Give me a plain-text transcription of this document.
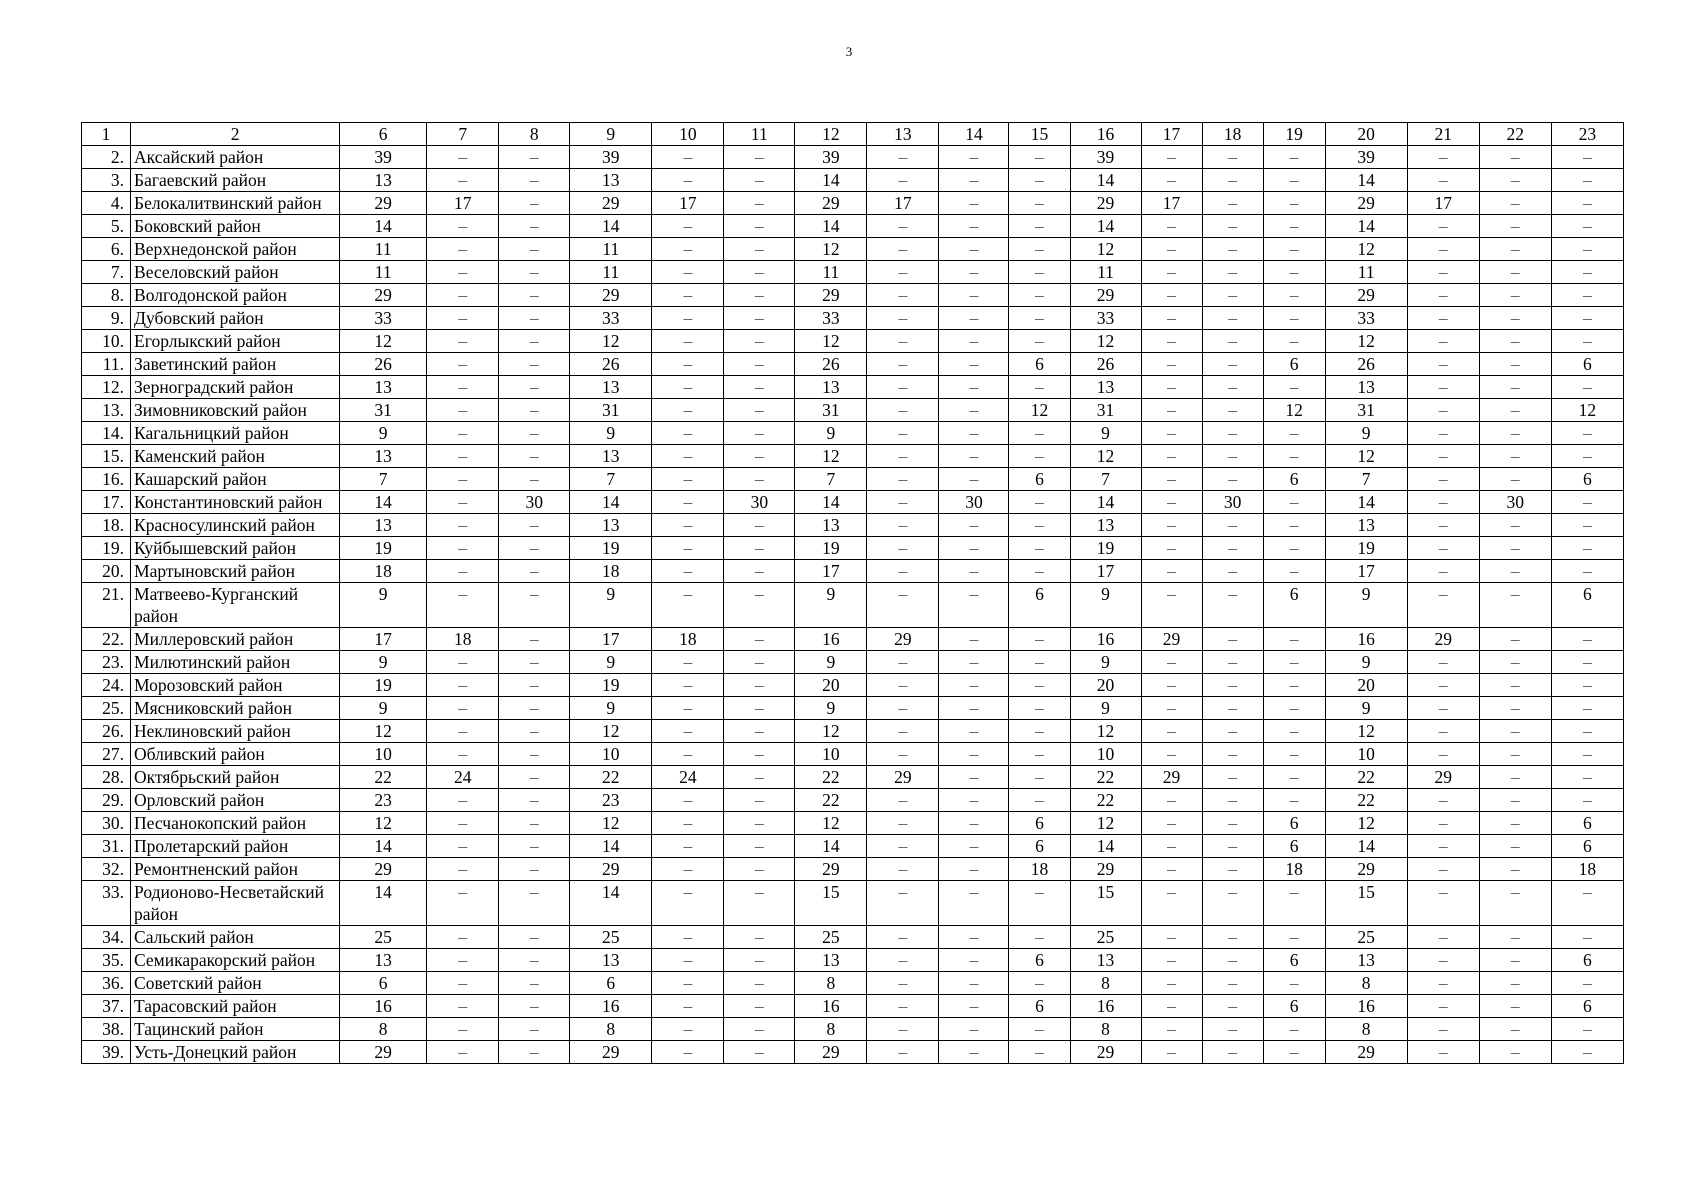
3
1	2	6	7	8	9	10	11	12	13	14	15	16	17	18	19	20	21	22	23
2.	Аксайский район	39	–	–	39	–	–	39	–	–	–	39	–	–	–	39	–	–	–
3.	Багаевский район	13	–	–	13	–	–	14	–	–	–	14	–	–	–	14	–	–	–
4.	Белокалитвинский район	29	17	–	29	17	–	29	17	–	–	29	17	–	–	29	17	–	–
5.	Боковский район	14	–	–	14	–	–	14	–	–	–	14	–	–	–	14	–	–	–
6.	Верхнедонской район	11	–	–	11	–	–	12	–	–	–	12	–	–	–	12	–	–	–
7.	Веселовский район	11	–	–	11	–	–	11	–	–	–	11	–	–	–	11	–	–	–
8.	Волгодонской район	29	–	–	29	–	–	29	–	–	–	29	–	–	–	29	–	–	–
9.	Дубовский район	33	–	–	33	–	–	33	–	–	–	33	–	–	–	33	–	–	–
10.	Егорлыкский район	12	–	–	12	–	–	12	–	–	–	12	–	–	–	12	–	–	–
11.	Заветинский район	26	–	–	26	–	–	26	–	–	6	26	–	–	6	26	–	–	6
12.	Зерноградский район	13	–	–	13	–	–	13	–	–	–	13	–	–	–	13	–	–	–
13.	Зимовниковский район	31	–	–	31	–	–	31	–	–	12	31	–	–	12	31	–	–	12
14.	Кагальницкий район	9	–	–	9	–	–	9	–	–	–	9	–	–	–	9	–	–	–
15.	Каменский район	13	–	–	13	–	–	12	–	–	–	12	–	–	–	12	–	–	–
16.	Кашарский район	7	–	–	7	–	–	7	–	–	6	7	–	–	6	7	–	–	6
17.	Константиновский район	14	–	30	14	–	30	14	–	30	–	14	–	30	–	14	–	30	–
18.	Красносулинский район	13	–	–	13	–	–	13	–	–	–	13	–	–	–	13	–	–	–
19.	Куйбышевский район	19	–	–	19	–	–	19	–	–	–	19	–	–	–	19	–	–	–
20.	Мартыновский район	18	–	–	18	–	–	17	–	–	–	17	–	–	–	17	–	–	–
21.	Матвеево-Курганский район	9	–	–	9	–	–	9	–	–	6	9	–	–	6	9	–	–	6
22.	Миллеровский район	17	18	–	17	18	–	16	29	–	–	16	29	–	–	16	29	–	–
23.	Милютинский район	9	–	–	9	–	–	9	–	–	–	9	–	–	–	9	–	–	–
24.	Морозовский район	19	–	–	19	–	–	20	–	–	–	20	–	–	–	20	–	–	–
25.	Мясниковский район	9	–	–	9	–	–	9	–	–	–	9	–	–	–	9	–	–	–
26.	Неклиновский район	12	–	–	12	–	–	12	–	–	–	12	–	–	–	12	–	–	–
27.	Обливский район	10	–	–	10	–	–	10	–	–	–	10	–	–	–	10	–	–	–
28.	Октябрьский район	22	24	–	22	24	–	22	29	–	–	22	29	–	–	22	29	–	–
29.	Орловский район	23	–	–	23	–	–	22	–	–	–	22	–	–	–	22	–	–	–
30.	Песчанокопский район	12	–	–	12	–	–	12	–	–	6	12	–	–	6	12	–	–	6
31.	Пролетарский район	14	–	–	14	–	–	14	–	–	6	14	–	–	6	14	–	–	6
32.	Ремонтненский район	29	–	–	29	–	–	29	–	–	18	29	–	–	18	29	–	–	18
33.	Родионово-Несветайский район	14	–	–	14	–	–	15	–	–	–	15	–	–	–	15	–	–	–
34.	Сальский район	25	–	–	25	–	–	25	–	–	–	25	–	–	–	25	–	–	–
35.	Семикаракорский район	13	–	–	13	–	–	13	–	–	6	13	–	–	6	13	–	–	6
36.	Советский район	6	–	–	6	–	–	8	–	–	–	8	–	–	–	8	–	–	–
37.	Тарасовский район	16	–	–	16	–	–	16	–	–	6	16	–	–	6	16	–	–	6
38.	Тацинский район	8	–	–	8	–	–	8	–	–	–	8	–	–	–	8	–	–	–
39.	Усть-Донецкий район	29	–	–	29	–	–	29	–	–	–	29	–	–	–	29	–	–	–
